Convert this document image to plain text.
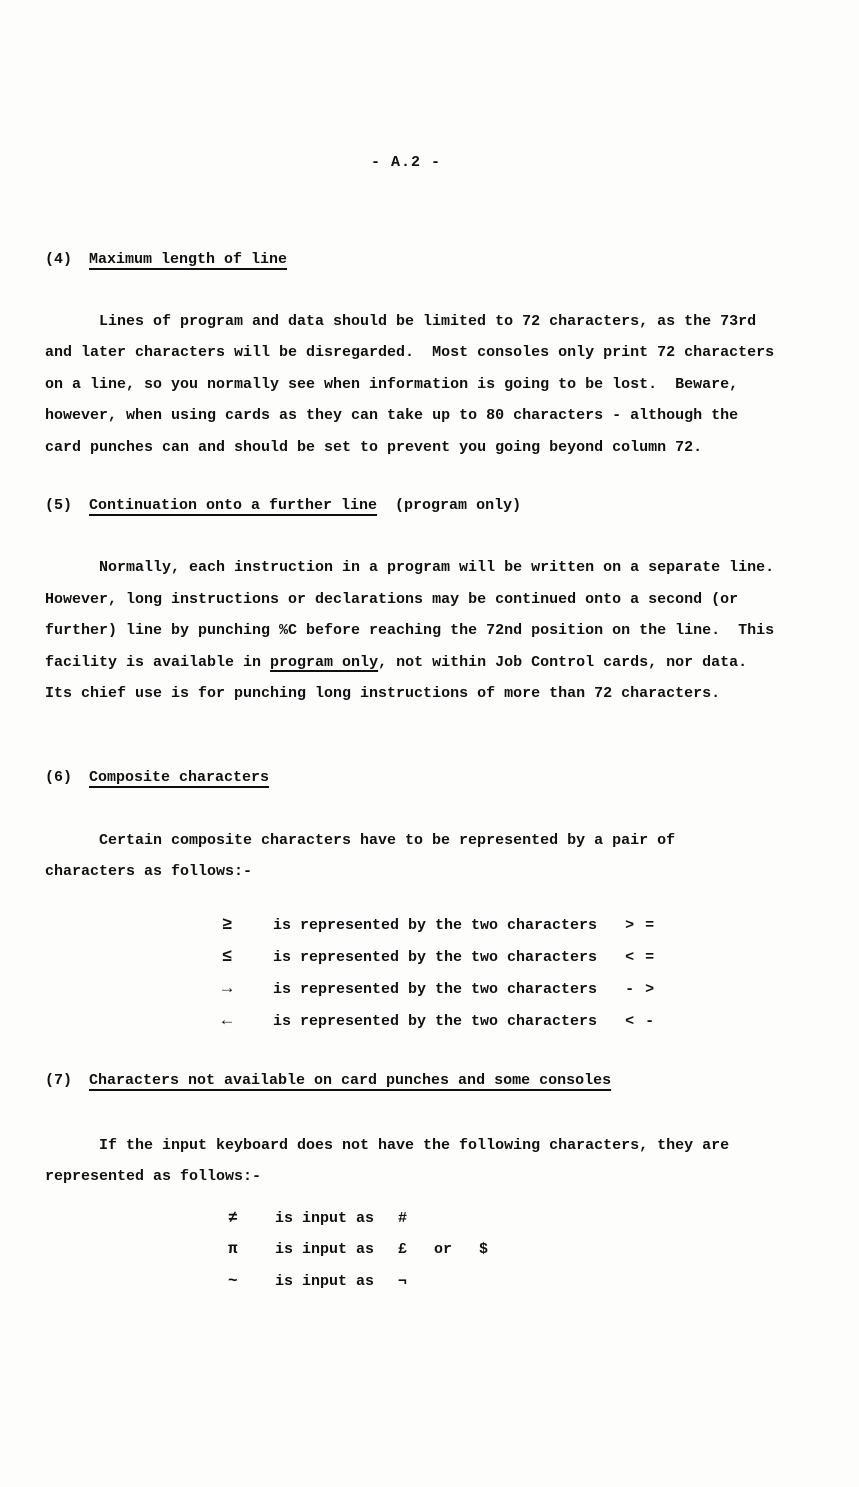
- A.2 -

(4)	Maximum length of line
Lines of program and data should be limited to 72 characters, as the 73rd
and later characters will be disregarded.  Most consoles only print 72 characters
on a line, so you normally see when information is going to be lost.  Beware,
however, when using cards as they can take up to 80 characters - although the
card punches can and should be set to prevent you going beyond column 72.
(5)	Continuation onto a further line (program only)
Normally, each instruction in a program will be written on a separate line.
However, long instructions or declarations may be continued onto a second (or
further) line by punching %C before reaching the 72nd position on the line.  This
facility is available in program only, not within Job Control cards, nor data.
Its chief use is for punching long instructions of more than 72 characters.
(6)	Composite characters
Certain composite characters have to be represented by a pair of
characters as follows:-
≥	is represented by the two characters > =
≤	is represented by the two characters < =
→	is represented by the two characters - >
←	is represented by the two characters < -
(7)	Characters not available on card punches and some consoles
If the input keyboard does not have the following characters, they are
represented as follows:-
≠	is input as #
π	is input as £   or   $
~	is input as ¬
